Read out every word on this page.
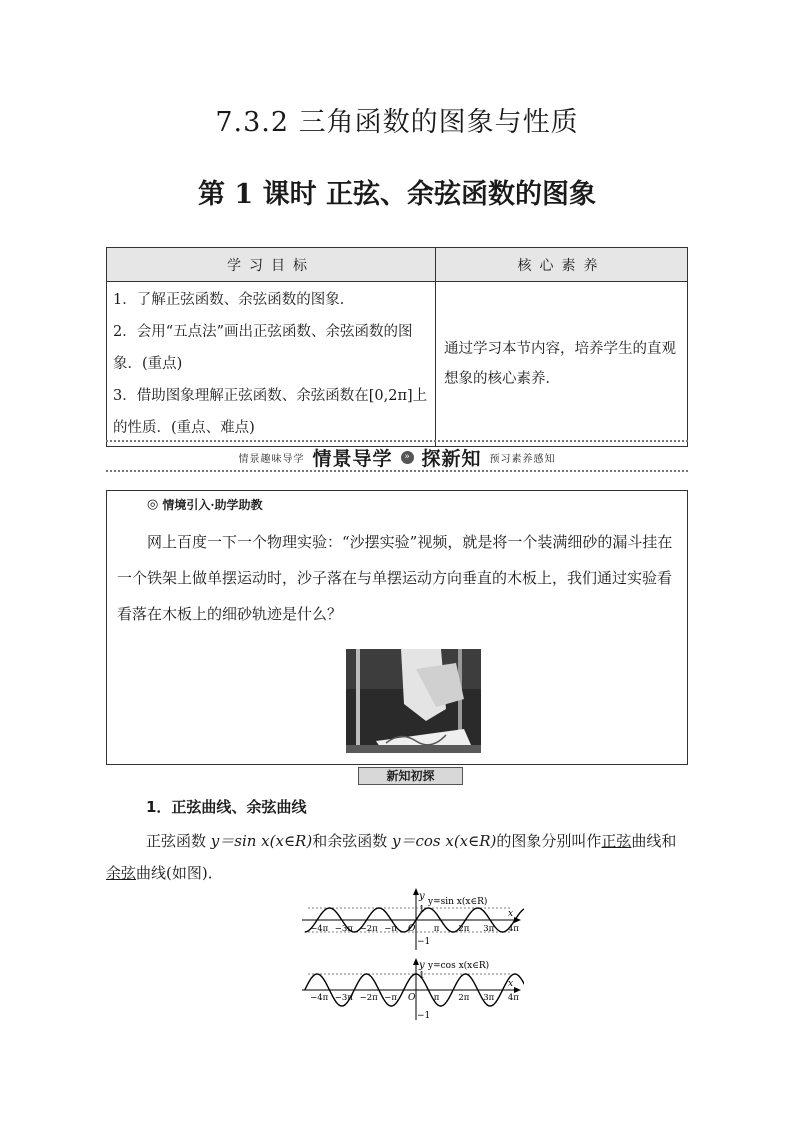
7.3.2 三角函数的图象与性质
第 1 课时 正弦、余弦函数的图象
学习目标	核心素养

1．了解正弦函数、余弦函数的图象．
2．会用“五点法”画出正弦函数、余弦函数的图象．(重点)
3．借助图象理解正弦函数、余弦函数在[0,2π]上的性质．(重点、难点)	通过学习本节内容，培养学生的直观想象的核心素养．
情景趣味导学 情景导学	» 探新知 预习素养感知
◎ 情境引入·助学助教
网上百度一下一个物理实验：“沙摆实验”视频，就是将一个装满细砂的漏斗挂在一个铁架上做单摆运动时，沙子落在与单摆运动方向垂直的木板上，我们通过实验看看落在木板上的细砂轨迹是什么？
新知初探
1．正弦曲线、余弦曲线
正弦函数 y＝sin x(x∈R)和余弦函数 y＝cos x(x∈R)的图象分别叫作正弦曲线和余弦曲线(如图)．
y y=sin x(x∈R)
x
1
−1
O
−4π −3π −2π −π	π 2π 3π 4π
y y=cos x(x∈R)
x
1
−1
O
−4π −3π −2π −π	π 2π 3π 4π
